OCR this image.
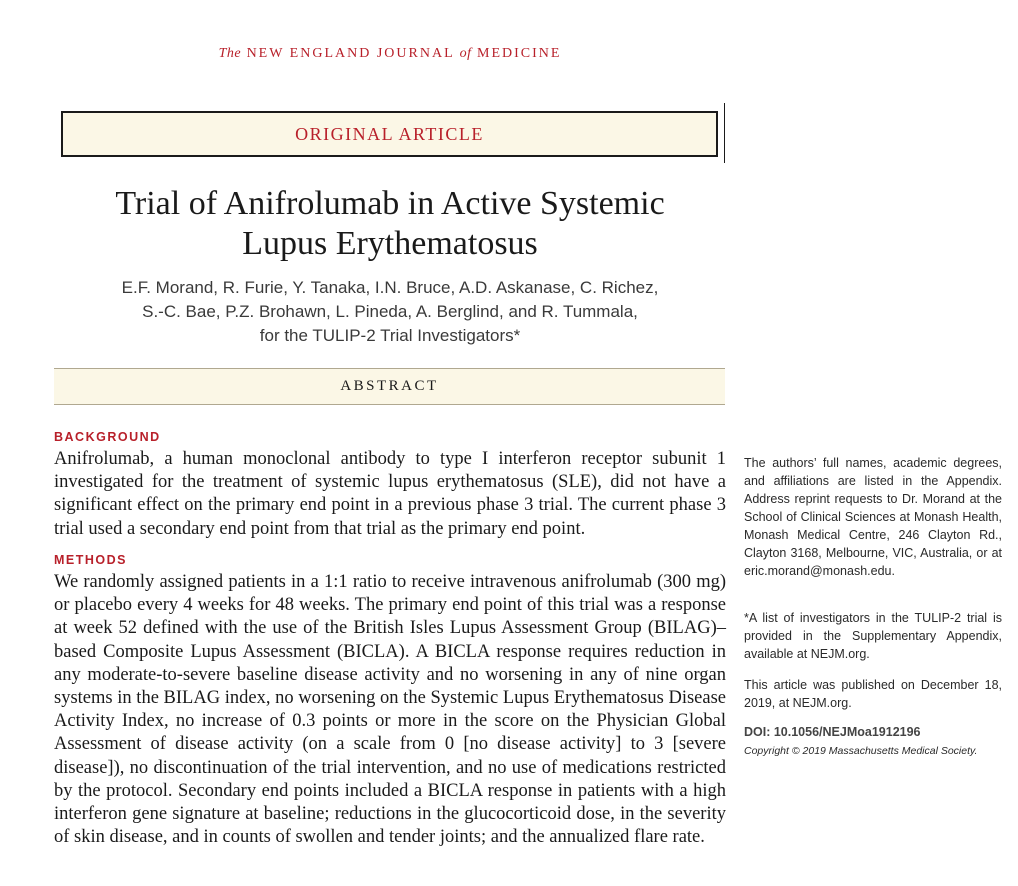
The NEW ENGLAND JOURNAL of MEDICINE
ORIGINAL ARTICLE
Trial of Anifrolumab in Active Systemic
Lupus Erythematosus
E.F. Morand, R. Furie, Y. Tanaka, I.N. Bruce, A.D. Askanase, C. Richez,
S.-C. Bae, P.Z. Brohawn, L. Pineda, A. Berglind, and R. Tummala,
for the TULIP-2 Trial Investigators*
ABSTRACT
BACKGROUND
Anifrolumab, a human monoclonal antibody to type I interferon receptor subunit 1 investigated for the treatment of systemic lupus erythematosus (SLE), did not have a significant effect on the primary end point in a previous phase 3 trial. The current phase 3 trial used a secondary end point from that trial as the primary end point.
METHODS
We randomly assigned patients in a 1:1 ratio to receive intravenous anifrolumab (300 mg) or placebo every 4 weeks for 48 weeks. The primary end point of this trial was a response at week 52 defined with the use of the British Isles Lupus Assessment Group (BILAG)–based Composite Lupus Assessment (BICLA). A BICLA response requires reduction in any moderate-to-severe baseline disease activity and no worsening in any of nine organ systems in the BILAG index, no worsening on the Systemic Lupus Erythematosus Disease Activity Index, no increase of 0.3 points or more in the score on the Physician Global Assessment of disease activity (on a scale from 0 [no disease activity] to 3 [severe disease]), no discontinuation of the trial intervention, and no use of medications restricted by the protocol. Secondary end points included a BICLA response in patients with a high interferon gene signature at baseline; reductions in the glucocorticoid dose, in the severity of skin disease, and in counts of swollen and tender joints; and the annualized flare rate.
The authors’ full names, academic degrees, and affiliations are listed in the Appendix. Address reprint requests to Dr. Morand at the School of Clinical Sciences at Monash Health, Monash Medical Centre, 246 Clayton Rd., Clayton 3168, Melbourne, VIC, Australia, or at eric.morand@monash.edu.
*A list of investigators in the TULIP-2 trial is provided in the Supplementary Appendix, available at NEJM.org.
This article was published on December 18, 2019, at NEJM.org.
DOI: 10.1056/NEJMoa1912196
Copyright © 2019 Massachusetts Medical Society.
